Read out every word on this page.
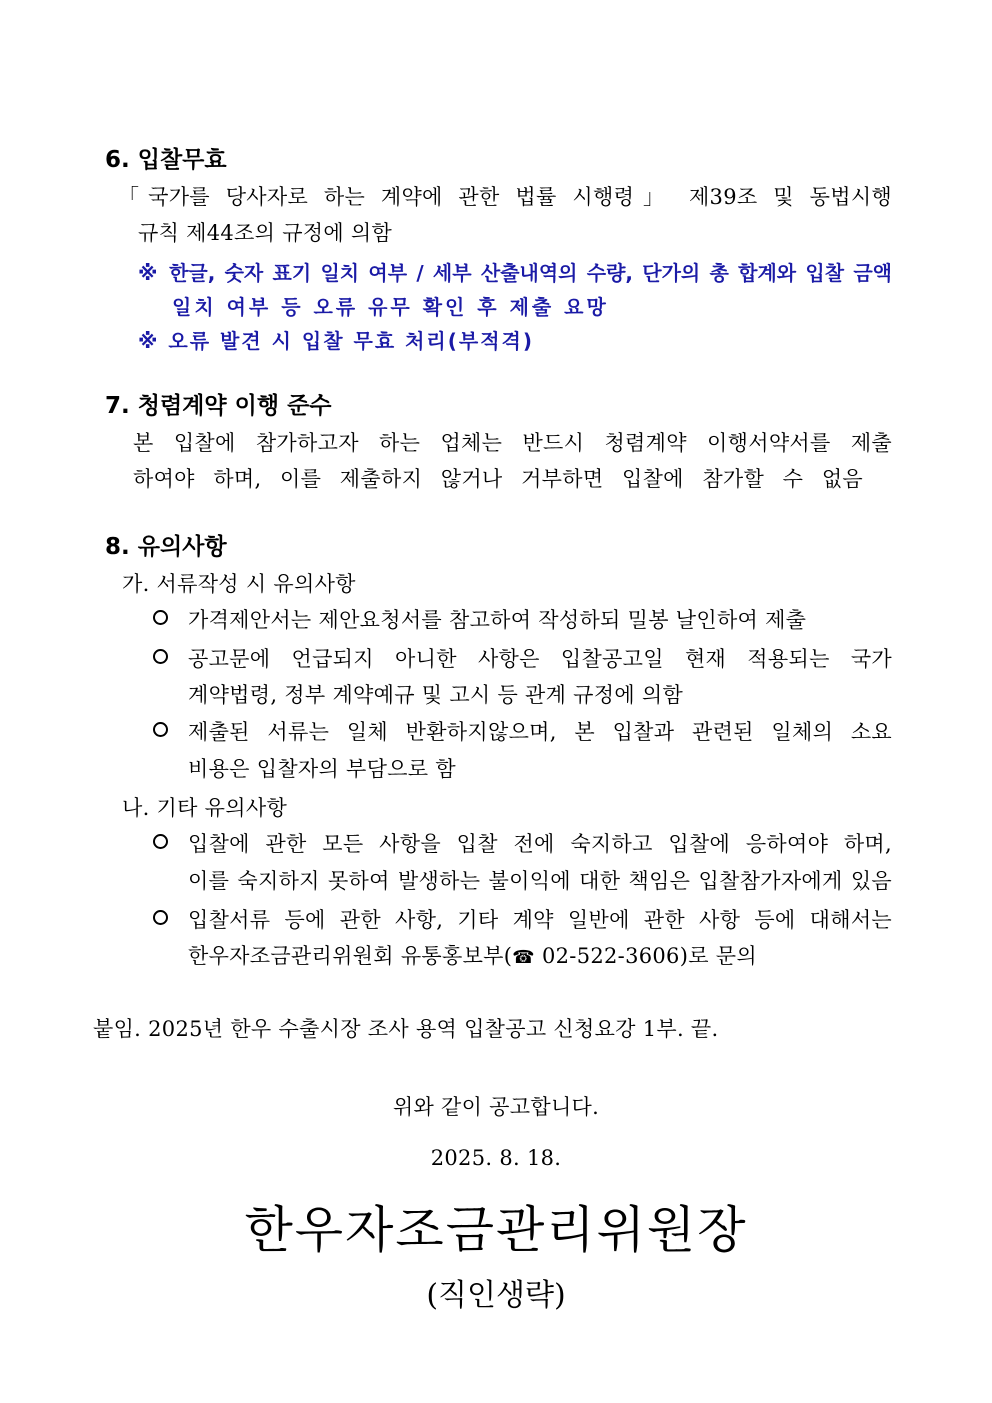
6. 입찰무효
「국가를 당사자로 하는 계약에 관한 법률 시행령」 제39조 및 동법시행
규칙 제44조의 규정에 의함
※ 한글, 숫자 표기 일치 여부 / 세부 산출내역의 수량, 단가의 총 합계와 입찰 금액
일치 여부 등 오류 유무 확인 후 제출 요망
※ 오류 발견 시 입찰 무효 처리(부적격)
7. 청렴계약 이행 준수
본 입찰에 참가하고자 하는 업체는 반드시 청렴계약 이행서약서를 제출
하여야 하며, 이를 제출하지 않거나 거부하면 입찰에 참가할 수 없음
8. 유의사항
가. 서류작성 시 유의사항
가격제안서는 제안요청서를 참고하여 작성하되 밀봉 날인하여 제출
공고문에 언급되지 아니한 사항은 입찰공고일 현재 적용되는 국가
계약법령, 정부 계약예규 및 고시 등 관계 규정에 의함
제출된 서류는 일체 반환하지않으며, 본 입찰과 관련된 일체의 소요
비용은 입찰자의 부담으로 함
나. 기타 유의사항
입찰에 관한 모든 사항을 입찰 전에 숙지하고 입찰에 응하여야 하며,
이를 숙지하지 못하여 발생하는 불이익에 대한 책임은 입찰참가자에게 있음
입찰서류 등에 관한 사항, 기타 계약 일반에 관한 사항 등에 대해서는
한우자조금관리위원회 유통홍보부(☎ 02-522-3606)로 문의
붙임. 2025년 한우 수출시장 조사 용역 입찰공고 신청요강 1부. 끝.
위와 같이 공고합니다.
2025. 8. 18.
한우자조금관리위원장
(직인생략)
